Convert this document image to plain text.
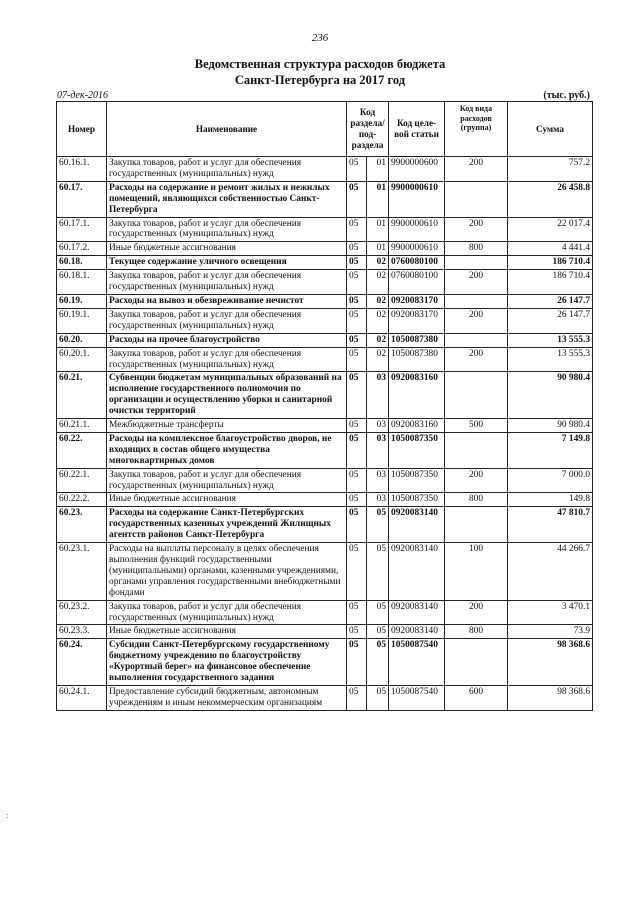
236
Ведомственная структура расходов бюджета
Санкт-Петербурга на 2017 год
07-дек-2016	(тыс. руб.)
Номер	Наименование	Код раздела/ под- раздела		Код целе- вой статьи	Код вида расходов (группа)	Сумма
60.16.1.	Закупка товаров, работ и услуг для обеспечения государственных (муниципальных) нужд	05	01	9900000600	200	757.2
60.17.	Расходы на содержание и ремонт жилых и нежилых помещений, являющихся собственностью Санкт-Петербурга	05	01	9900000610		26 458.8
60.17.1.	Закупка товаров, работ и услуг для обеспечения государственных (муниципальных) нужд	05	01	9900000610	200	22 017.4
60.17.2.	Иные бюджетные ассигнования	05	01	9900000610	800	4 441.4
60.18.	Текущее содержание уличного освещения	05	02	0760080100		186 710.4
60.18.1.	Закупка товаров, работ и услуг для обеспечения государственных (муниципальных) нужд	05	02	0760080100	200	186 710.4
60.19.	Расходы на вывоз и обезвреживание нечистот	05	02	0920083170		26 147.7
60.19.1.	Закупка товаров, работ и услуг для обеспечения государственных (муниципальных) нужд	05	02	0920083170	200	26 147.7
60.20.	Расходы на прочее благоустройство	05	02	1050087380		13 555.3
60.20.1.	Закупка товаров, работ и услуг для обеспечения государственных (муниципальных) нужд	05	02	1050087380	200	13 555.3
60.21.	Субвенции бюджетам муниципальных образований на исполнение государственного полномочия по организации и осуществлению уборки и санитарной очистки территорий	05	03	0920083160		90 980.4
60.21.1.	Межбюджетные трансферты	05	03	0920083160	500	90 980.4
60.22.	Расходы на комплексное благоустройство дворов, не входящих в состав общего имущества многоквартирных домов	05	03	1050087350		7 149.8
60.22.1.	Закупка товаров, работ и услуг для обеспечения государственных (муниципальных) нужд	05	03	1050087350	200	7 000.0
60.22.2.	Иные бюджетные ассигнования	05	03	1050087350	800	149.8
60.23.	Расходы на содержание Санкт-Петербургских государственных казенных учреждений Жилищных агентств районов Санкт-Петербурга	05	05	0920083140		47 810.7
60.23.1.	Расходы на выплаты персоналу в целях обеспечения выполнения функций государственными (муниципальными) органами, казенными учреждениями, органами управления государственными внебюджетными фондами	05	05	0920083140	100	44 266.7
60.23.2.	Закупка товаров, работ и услуг для обеспечения государственных (муниципальных) нужд	05	05	0920083140	200	3 470.1
60.23.3.	Иные бюджетные ассигнования	05	05	0920083140	800	73.9
60.24.	Субсидии Санкт-Петербургскому государственному бюджетному учреждению по благоустройству «Курортный берег» на финансовое обеспечение выполнения государственного задания	05	05	1050087540		98 368.6
60.24.1.	Предоставление субсидий бюджетным, автономным учреждениям и иным некоммерческим организациям	05	05	1050087540	600	98 368.6
:
